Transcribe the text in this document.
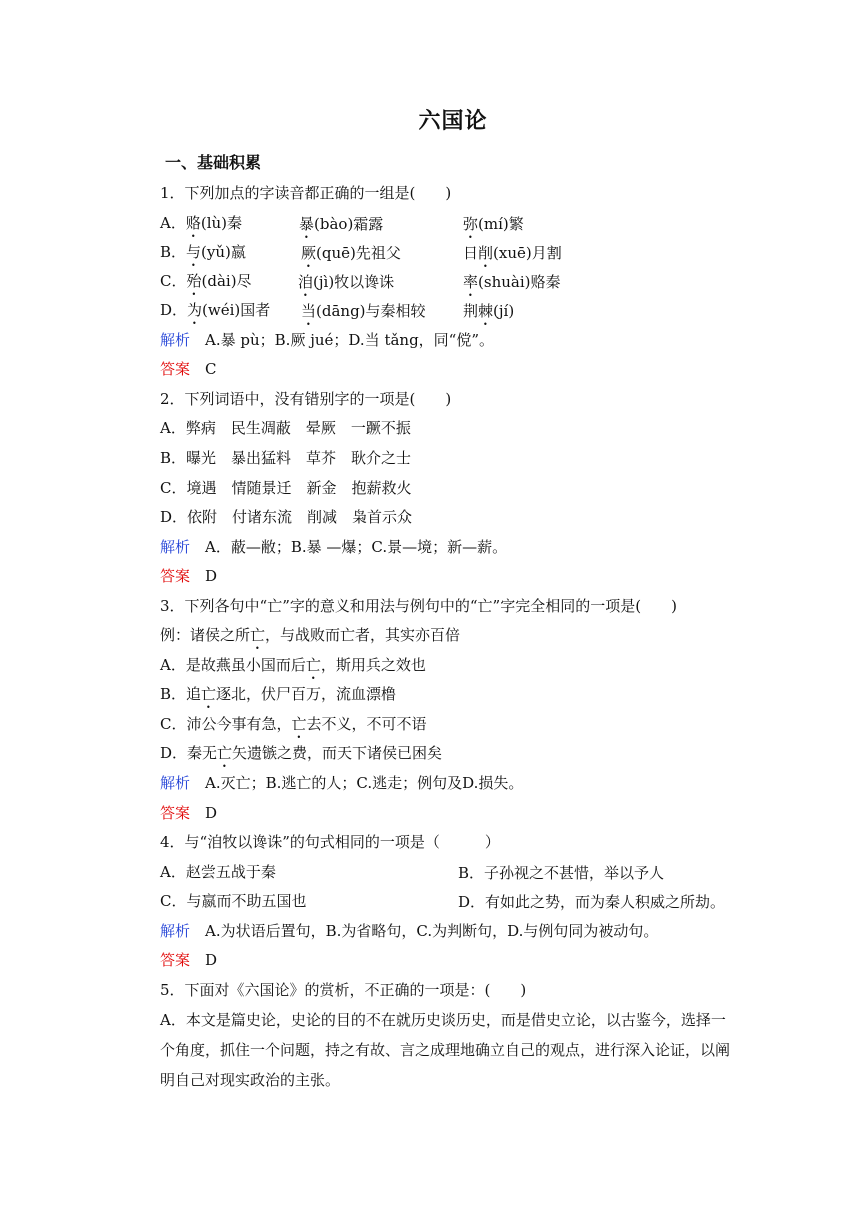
六国论
一、基础积累
1．下列加点的字读音都正确的一组是(　　)
A．赂(lù)秦	暴(bào)霜露	弥(mí)繁
B．与(yǔ)嬴	厥(quē)先祖父	日削(xuē)月割
C．殆(dài)尽	洎(jì)牧以谗诛	率(shuài)赂秦
D．为(wéi)国者 当(dāng)与秦相较 荆棘(jí)
解析　 A.暴 pù；B.厥 jué；D.当 tǎng，同“傥”。
答案　 C
2．下列词语中，没有错别字的一项是(　　)
A．弊病　民生凋蔽　晕厥　一蹶不振
B．曝光　暴出猛料　草芥　耿介之士
C．境遇　情随景迁　新金　抱薪救火
D．依附　付诸东流　削减　枭首示众
解析　 A．蔽—敝；B.暴 —爆；C.景—境；新—薪。
答案　 D
3．下列各句中“亡”字的意义和用法与例句中的“亡”字完全相同的一项是(　　)
例：诸侯之所亡，与战败而亡者，其实亦百倍
A．是故燕虽小国而后亡，斯用兵之效也
B．追亡逐北，伏尸百万，流血漂橹
C．沛公今事有急，亡去不义，不可不语
D．秦无亡矢遗镞之费，而天下诸侯已困矣
解析　 A.灭亡；B.逃亡的人；C.逃走；例句及D.损失。
答案　 D
4．与“洎牧以谗诛”的句式相同的一项是（　　　）
A．赵尝五战于秦	B．子孙视之不甚惜，举以予人
C．与嬴而不助五国也	D．有如此之势，而为秦人积威之所劫。
解析　 A.为状语后置句，B.为省略句，C.为判断句，D.与例句同为被动句。
答案　 D
5．下面对《六国论》的赏析，不正确的一项是：(　　)
A．本文是篇史论，史论的目的不在就历史谈历史，而是借史立论，以古鉴今，选择一个角度，抓住一个问题，持之有故、言之成理地确立自己的观点，进行深入论证，以阐明自己对现实政治的主张。
